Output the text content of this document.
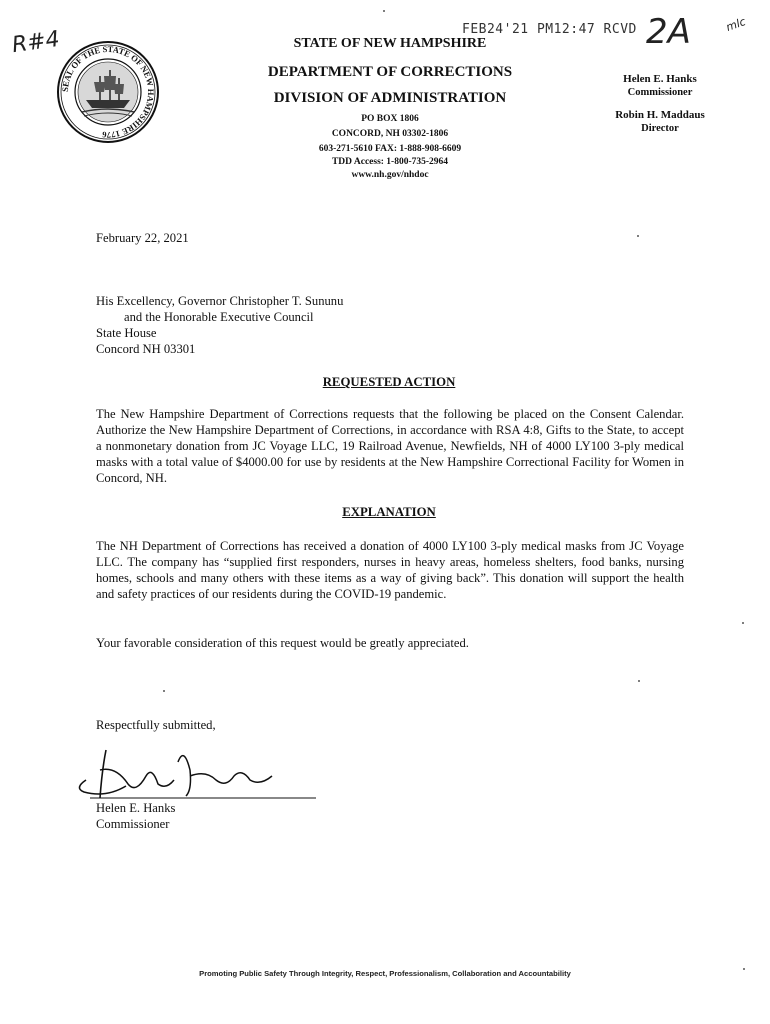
R#4	FEB24'21 PM12:47 RCVD 2A	mlc
SEAL OF THE STATE OF NEW HAMPSHIRE 1776
STATE OF NEW HAMPSHIRE
DEPARTMENT OF CORRECTIONS
DIVISION OF ADMINISTRATION
PO BOX 1806
CONCORD, NH 03302-1806
603-271-5610 FAX: 1-888-908-6609
TDD Access: 1-800-735-2964
www.nh.gov/nhdoc
Helen E. Hanks
Commissioner
Robin H. Maddaus
Director
February 22, 2021
His Excellency, Governor Christopher T. Sununu
and the Honorable Executive Council
State House
Concord NH 03301
REQUESTED ACTION
The New Hampshire Department of Corrections requests that the following be placed on the Consent Calendar. Authorize the New Hampshire Department of Corrections, in accordance with RSA 4:8, Gifts to the State, to accept a nonmonetary donation from JC Voyage LLC, 19 Railroad Avenue, Newfields, NH of 4000 LY100 3-ply medical masks with a total value of $4000.00 for use by residents at the New Hampshire Correctional Facility for Women in Concord, NH.
EXPLANATION
The NH Department of Corrections has received a donation of 4000 LY100 3-ply medical masks from JC Voyage LLC. The company has “supplied first responders, nurses in heavy areas, homeless shelters, food banks, nursing homes, schools and many others with these items as a way of giving back”. This donation will support the health and safety practices of our residents during the COVID-19 pandemic.
Your favorable consideration of this request would be greatly appreciated.
Respectfully submitted,
Helen E. Hanks
Commissioner
Promoting Public Safety Through Integrity, Respect, Professionalism, Collaboration and Accountability
